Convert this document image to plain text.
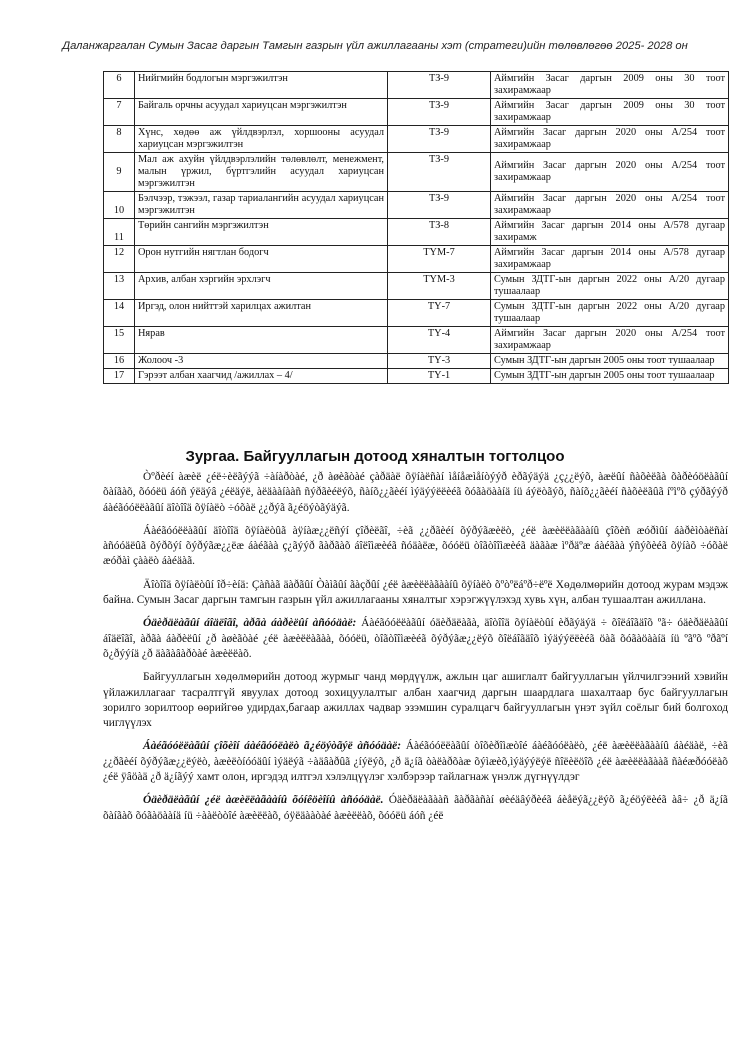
Даланжаргалан Сумын Засаг даргын Тамгын газрын үйл ажиллагааны хэт (стратеги)ийн төлөвлөгөө 2025- 2028 он
6	Нийгмийн бодлогын мэргэжилтэн	ТЗ-9	Аймгийн Засаг даргын 2009 оны 30 тоот захирамжаар
7	Байгаль орчны асуудал хариуцсан мэргэжилтэн	ТЗ-9	Аймгийн Засаг даргын 2009 оны 30 тоот захирамжаар
8	Хүнс, хөдөө аж үйлдвэрлэл, хоршооны асуудал хариуцсан мэргэжилтэн	ТЗ-9	Аймгийн Засаг даргын 2020 оны А/254 тоот захирамжаар
9	Мал аж ахуйн үйлдвэрлэлийн төлөвлөлт, менежмент, малын үржил, бүртгэлийн асуудал хариуцсан мэргэжилтэн	ТЗ-9	Аймгийн Засаг даргын 2020 оны А/254 тоот захирамжаар
10	Бэлчээр, тэжээл, газар тариалангийн асуудал хариуцсан мэргэжилтэн	ТЗ-9	Аймгийн Засаг даргын 2020 оны А/254 тоот захирамжаар
11	Төрийн сангийн мэргэжилтэн	ТЗ-8	Аймгийн Засаг даргын 2014 оны А/578 дугаар захирамж
12	Орон нутгийн нягтлан бодогч	ТҮМ-7	Аймгийн Засаг даргын 2014 оны А/578 дугаар захирамжаар
13	Архив, албан хэргийн эрхлэгч	ТҮМ-3	Сумын ЗДТГ-ын даргын 2022 оны А/20 дугаар тушаалаар
14	Иргэд, олон нийттэй харилцах ажилтан	ТҮ-7	Сумын ЗДТГ-ын даргын 2022 оны А/20 дугаар тушаалаар
15	Нярав	ТҮ-4	Аймгийн Засаг даргын 2020 оны А/254 тоот захирамжаар
16	Жолооч -3	ТҮ-3	Сумын ЗДТГ-ын даргын 2005 оны тоот тушаалаар
17	Гэрээт албан хаагчид /ажиллах – 4/	ТҮ-1	Сумын ЗДТГ-ын даргын 2005 оны тоот тушаалаар
Зургаа. Байгууллагын дотоод хяналтын тогтолцоо

Òºðèéí àæèë ¿éë÷èëãýýã ÷àíàðòàé, ¿ð àøèãòàé çàðäàë õÿíàëñàí ìåíåæìåíòýýð èðãýäýä ¿ç¿¿ëýõ, àæëûí ñàõèëãà õàðèóöëàãûí õàíãàõ, õóóëü áóñ ýëäýâ ¿éëäýë, àëäààíààñ ñýðãèéëýõ, ñàíõ¿¿ãèéí ìýäýýëëèéã õóãàöààíä íü áýëòãýõ, ñàíõ¿¿ãèéí ñàõèëãûã íºìºõ çýðãýýð áàéãóóëëàãûí äîòîîä õÿíàëò ÷óõàë ¿¿ðýã ã¿éöýòãýäýã.

Áàéãóóëëàãûí äîòîîä õÿíàëòûã àÿíàæ¿¿ëñýí çîðèëãî, ÷èã ¿¿ðãèéí õýðýãæèëò, ¿éë àæèëëàãààíû çîõèñ æóðìûí áàðèìòàëñàí àñóóäëûã õýðõýí õýðýãæ¿¿ëæ áàéãàà ç¿ãýýð ãàðãàõ áîëîìæèéã ñóäàëæ, õóóëü òîãòîîìæèéã äàãàæ ìºðäºæ áàéãàà ýñýõèéã õÿíàõ ÷óõàë æóðàì çààëò áàéäàã.

Äîòîîä õÿíàëòûí îð÷èíä: Çàñàã äàðãûí Òàìãûí ãàçðûí ¿éë àæèëëàãààíû õÿíàëò õºòºëáºð÷ëºë Хөдөлмөрийн дотоод журам мэдэж байна. Сумын Засаг даргын тамгын газрын үйл ажиллагааны хяналтыг хэрэгжүүлэхэд хувь хүн, албан тушаалтан ажиллана.

Óäèðäëàãûí áîäëîãî, àðãà áàðèëûí àñóóäàë: Áàéãóóëëàãûí óäèðäëàãà, äîòîîä õÿíàëòûí èðãýäýä ÷ õîëáîãäîõ ºã÷ óäèðäëàãûí áîäëîãî, àðãà áàðèëûí ¿ð àøèãòàé ¿éë àæèëëàãàà, õóóëü, òîãòîîìæèéã õýðýãæ¿¿ëýõ õîëáîãäîõ ìýäýýëëèéã öàã õóãàöààíä íü ºãºõ ºðãºí õ¿ðýýíä ¿ð äàãàâàðòàé àæèëëàõ.

Байгууллагын хөдөлмөрийн дотоод журмыг чанд мөрдүүлж, ажлын цаг ашиглалт байгууллагын үйлчилгээний хэвийн үйлажиллагааг тасралтгүй явуулах дотоод зохицуулалтыг албан хаагчид даргын шаардлага шахалтаар бус байгууллагын зорилго зорилтоор өөрийгөө удирдах,багаар ажиллах чадвар эзэмшин суралцагч байгууллагын үнэт зүйл соёлыг бий болгоход чиглүүлэх

Áàéãóóëëàãûí çîõèîí áàéãóóëàëò ã¿éöýòãýë àñóóäàë: Áàéãóóëëàãûí òîõèðîìæòîé áàéãóóëàëò, ¿éë àæèëëàãààíû áàéäàë, ÷èã ¿¿ðãèéí õýðýãæ¿¿ëýëò, àæèëòíóóäûí ìýäëýã ÷àäâàðûã ¿íýëýõ, ¿ð ä¿íã òàëàðõàæ õýìæèõ,ìýäýýëýë ñîëèëöîõ ¿éë àæèëëàãààã ñàéæðóóëàõ ¿éë ÿâöàä ¿ð ä¿íãýý хамт олон, иргэдэд илтгэл хэлэлцүүлэг хэлбэрээр тайлагнаж үнэлж дүгнүүлдэг

Óäèðäëàãûí ¿éë àæèëëàãààíû õóíêöèîíû àñóóäàë. Óäèðäëàãààñ ãàðãàñàí øèéäâýðèéã áèåëýã¿¿ëýõ ã¿éöýëèéã àâ÷ ¿ð ä¿íã õàíãàõ õóãàöààíä íü ÷ààëòòîé àæèëëàõ, óÿëäààòàé àæèëëàõ, õóóëü áóñ ¿éë
